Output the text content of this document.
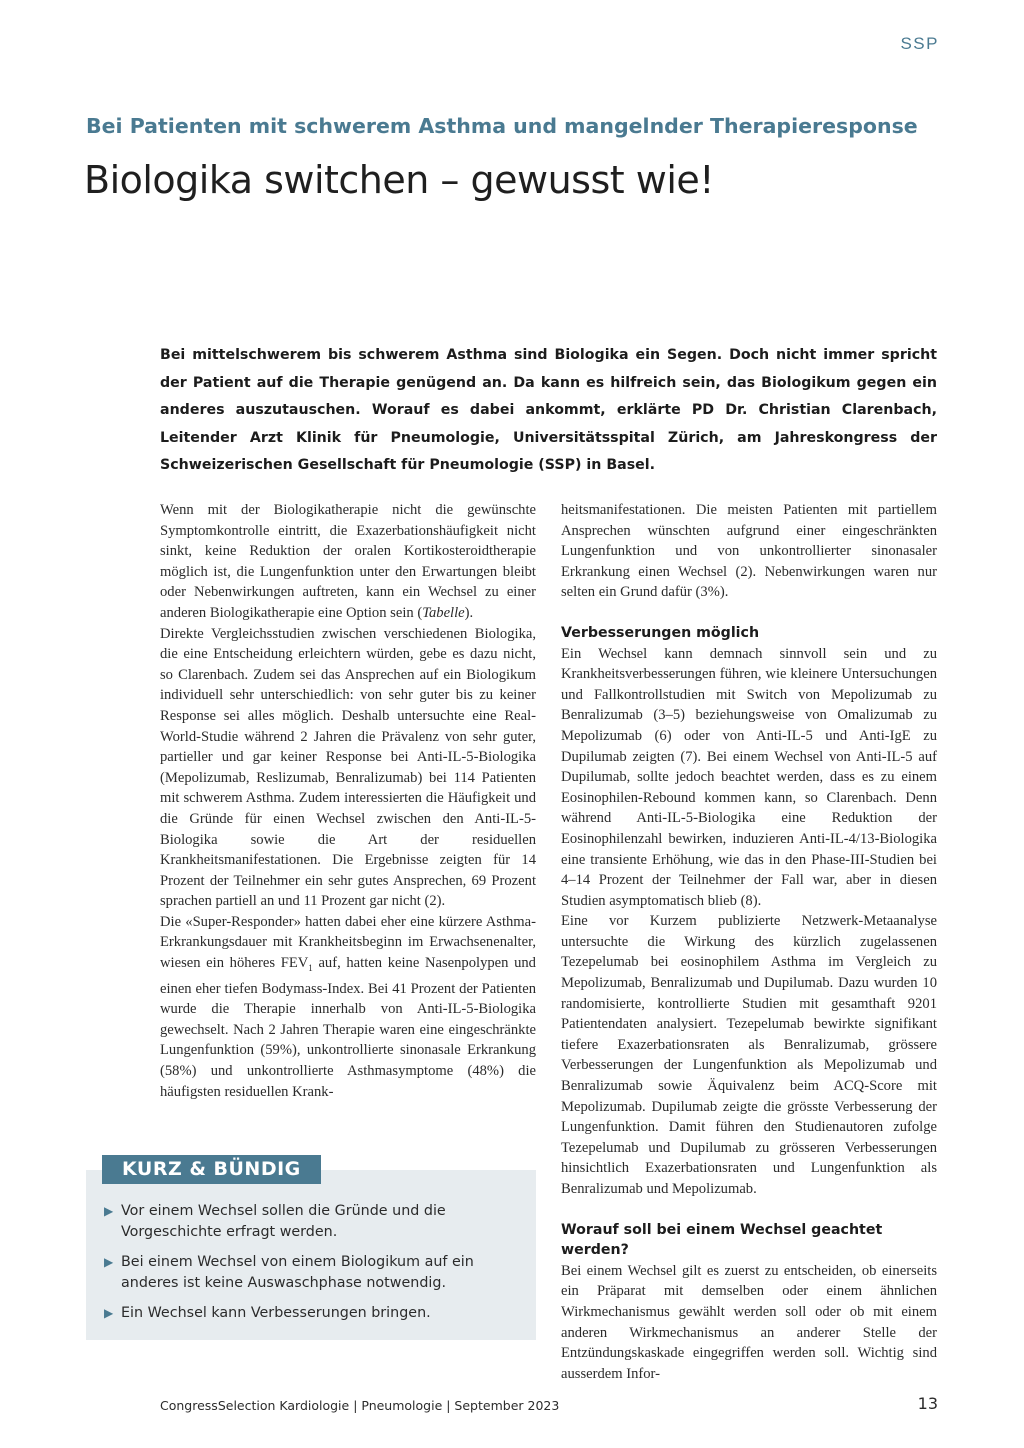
SSP
Bei Patienten mit schwerem Asthma und mangelnder Therapieresponse
Biologika switchen – gewusst wie!
Bei mittelschwerem bis schwerem Asthma sind Biologika ein Segen. Doch nicht immer spricht der Patient auf die Therapie genügend an. Da kann es hilfreich sein, das Biologikum gegen ein anderes auszutauschen. Worauf es dabei ankommt, erklärte PD Dr. Christian Clarenbach, Leitender Arzt Klinik für Pneumologie, Universitätsspital Zürich, am Jahreskongress der Schweizerischen Gesellschaft für Pneumologie (SSP) in Basel.

Wenn mit der Biologikatherapie nicht die gewünschte Symptomkontrolle eintritt, die Exazerbationshäufigkeit nicht sinkt, keine Reduktion der oralen Kortikosteroidtherapie möglich ist, die Lungenfunktion unter den Erwartungen bleibt oder Nebenwirkungen auftreten, kann ein Wechsel zu einer anderen Biologikatherapie eine Option sein (Tabelle).

Direkte Vergleichsstudien zwischen verschiedenen Biologika, die eine Entscheidung erleichtern würden, gebe es dazu nicht, so Clarenbach. Zudem sei das Ansprechen auf ein Biologikum individuell sehr unterschiedlich: von sehr guter bis zu keiner Response sei alles möglich. Deshalb untersuchte eine Real-World-Studie während 2 Jahren die Prävalenz von sehr guter, partieller und gar keiner Response bei Anti-IL-5-Biologika (Mepolizumab, Reslizumab, Benralizumab) bei 114 Patienten mit schwerem Asthma. Zudem interessierten die Häufigkeit und die Gründe für einen Wechsel zwischen den Anti-IL-5-Biologika sowie die Art der residuellen Krankheitsmanifestationen. Die Ergebnisse zeigten für 14 Prozent der Teilnehmer ein sehr gutes Ansprechen, 69 Prozent sprachen partiell an und 11 Prozent gar nicht (2).

Die «Super-Responder» hatten dabei eher eine kürzere Asthma-Erkrankungsdauer mit Krankheitsbeginn im Erwachsenenalter, wiesen ein höheres $FEV_1$ auf, hatten keine Nasenpolypen und einen eher tiefen Bodymass-Index. Bei 41 Prozent der Patienten wurde die Therapie innerhalb von Anti-IL-5-Biologika gewechselt. Nach 2 Jahren Therapie waren eine eingeschränkte Lungenfunktion (59%), unkontrollierte sinonasale Erkrankung (58%) und unkontrollierte Asthmasymptome (48%) die häufigsten residuellen Krank-

heitsmanifestationen. Die meisten Patienten mit partiellem Ansprechen wünschten aufgrund einer eingeschränkten Lungenfunktion und von unkontrollierter sinonasaler Erkrankung einen Wechsel (2). Nebenwirkungen waren nur selten ein Grund dafür (3%).

Verbesserungen möglich

Ein Wechsel kann demnach sinnvoll sein und zu Krankheitsverbesserungen führen, wie kleinere Untersuchungen und Fallkontrollstudien mit Switch von Mepolizumab zu Benralizumab (3–5) beziehungsweise von Omalizumab zu Mepolizumab (6) oder von Anti-IL-5 und Anti-IgE zu Dupilumab zeigten (7). Bei einem Wechsel von Anti-IL-5 auf Dupilumab, sollte jedoch beachtet werden, dass es zu einem Eosinophilen-Rebound kommen kann, so Clarenbach. Denn während Anti-IL-5-Biologika eine Reduktion der Eosinophilenzahl bewirken, induzieren Anti-IL-4/13-Biologika eine transiente Erhöhung, wie das in den Phase-III-Studien bei 4–14 Prozent der Teilnehmer der Fall war, aber in diesen Studien asymptomatisch blieb (8).

Eine vor Kurzem publizierte Netzwerk-Metaanalyse untersuchte die Wirkung des kürzlich zugelassenen Tezepelumab bei eosinophilem Asthma im Vergleich zu Mepolizumab, Benralizumab und Dupilumab. Dazu wurden 10 randomisierte, kontrollierte Studien mit gesamthaft 9201 Patientendaten analysiert. Tezepelumab bewirkte signifikant tiefere Exazerbationsraten als Benralizumab, grössere Verbesserungen der Lungenfunktion als Mepolizumab und Benralizumab sowie Äquivalenz beim ACQ-Score mit Mepolizumab. Dupilumab zeigte die grösste Verbesserung der Lungenfunktion. Damit führen den Studienautoren zufolge Tezepelumab und Dupilumab zu grösseren Verbesserungen hinsichtlich Exazerbationsraten und Lungenfunktion als Benralizumab und Mepolizumab.

Worauf soll bei einem Wechsel geachtet werden?

Bei einem Wechsel gilt es zuerst zu entscheiden, ob einerseits ein Präparat mit demselben oder einem ähnlichen Wirkmechanismus gewählt werden soll oder ob mit einem anderen Wirkmechanismus an anderer Stelle der Entzündungskaskade eingegriffen werden soll. Wichtig sind ausserdem Infor-

KURZ & BÜNDIG
▶ Vor einem Wechsel sollen die Gründe und die Vorgeschichte erfragt werden.
▶ Bei einem Wechsel von einem Biologikum auf ein anderes ist keine Auswaschphase notwendig.
▶ Ein Wechsel kann Verbesserungen bringen.
CongressSelection Kardiologie | Pneumologie | September 2023	13
